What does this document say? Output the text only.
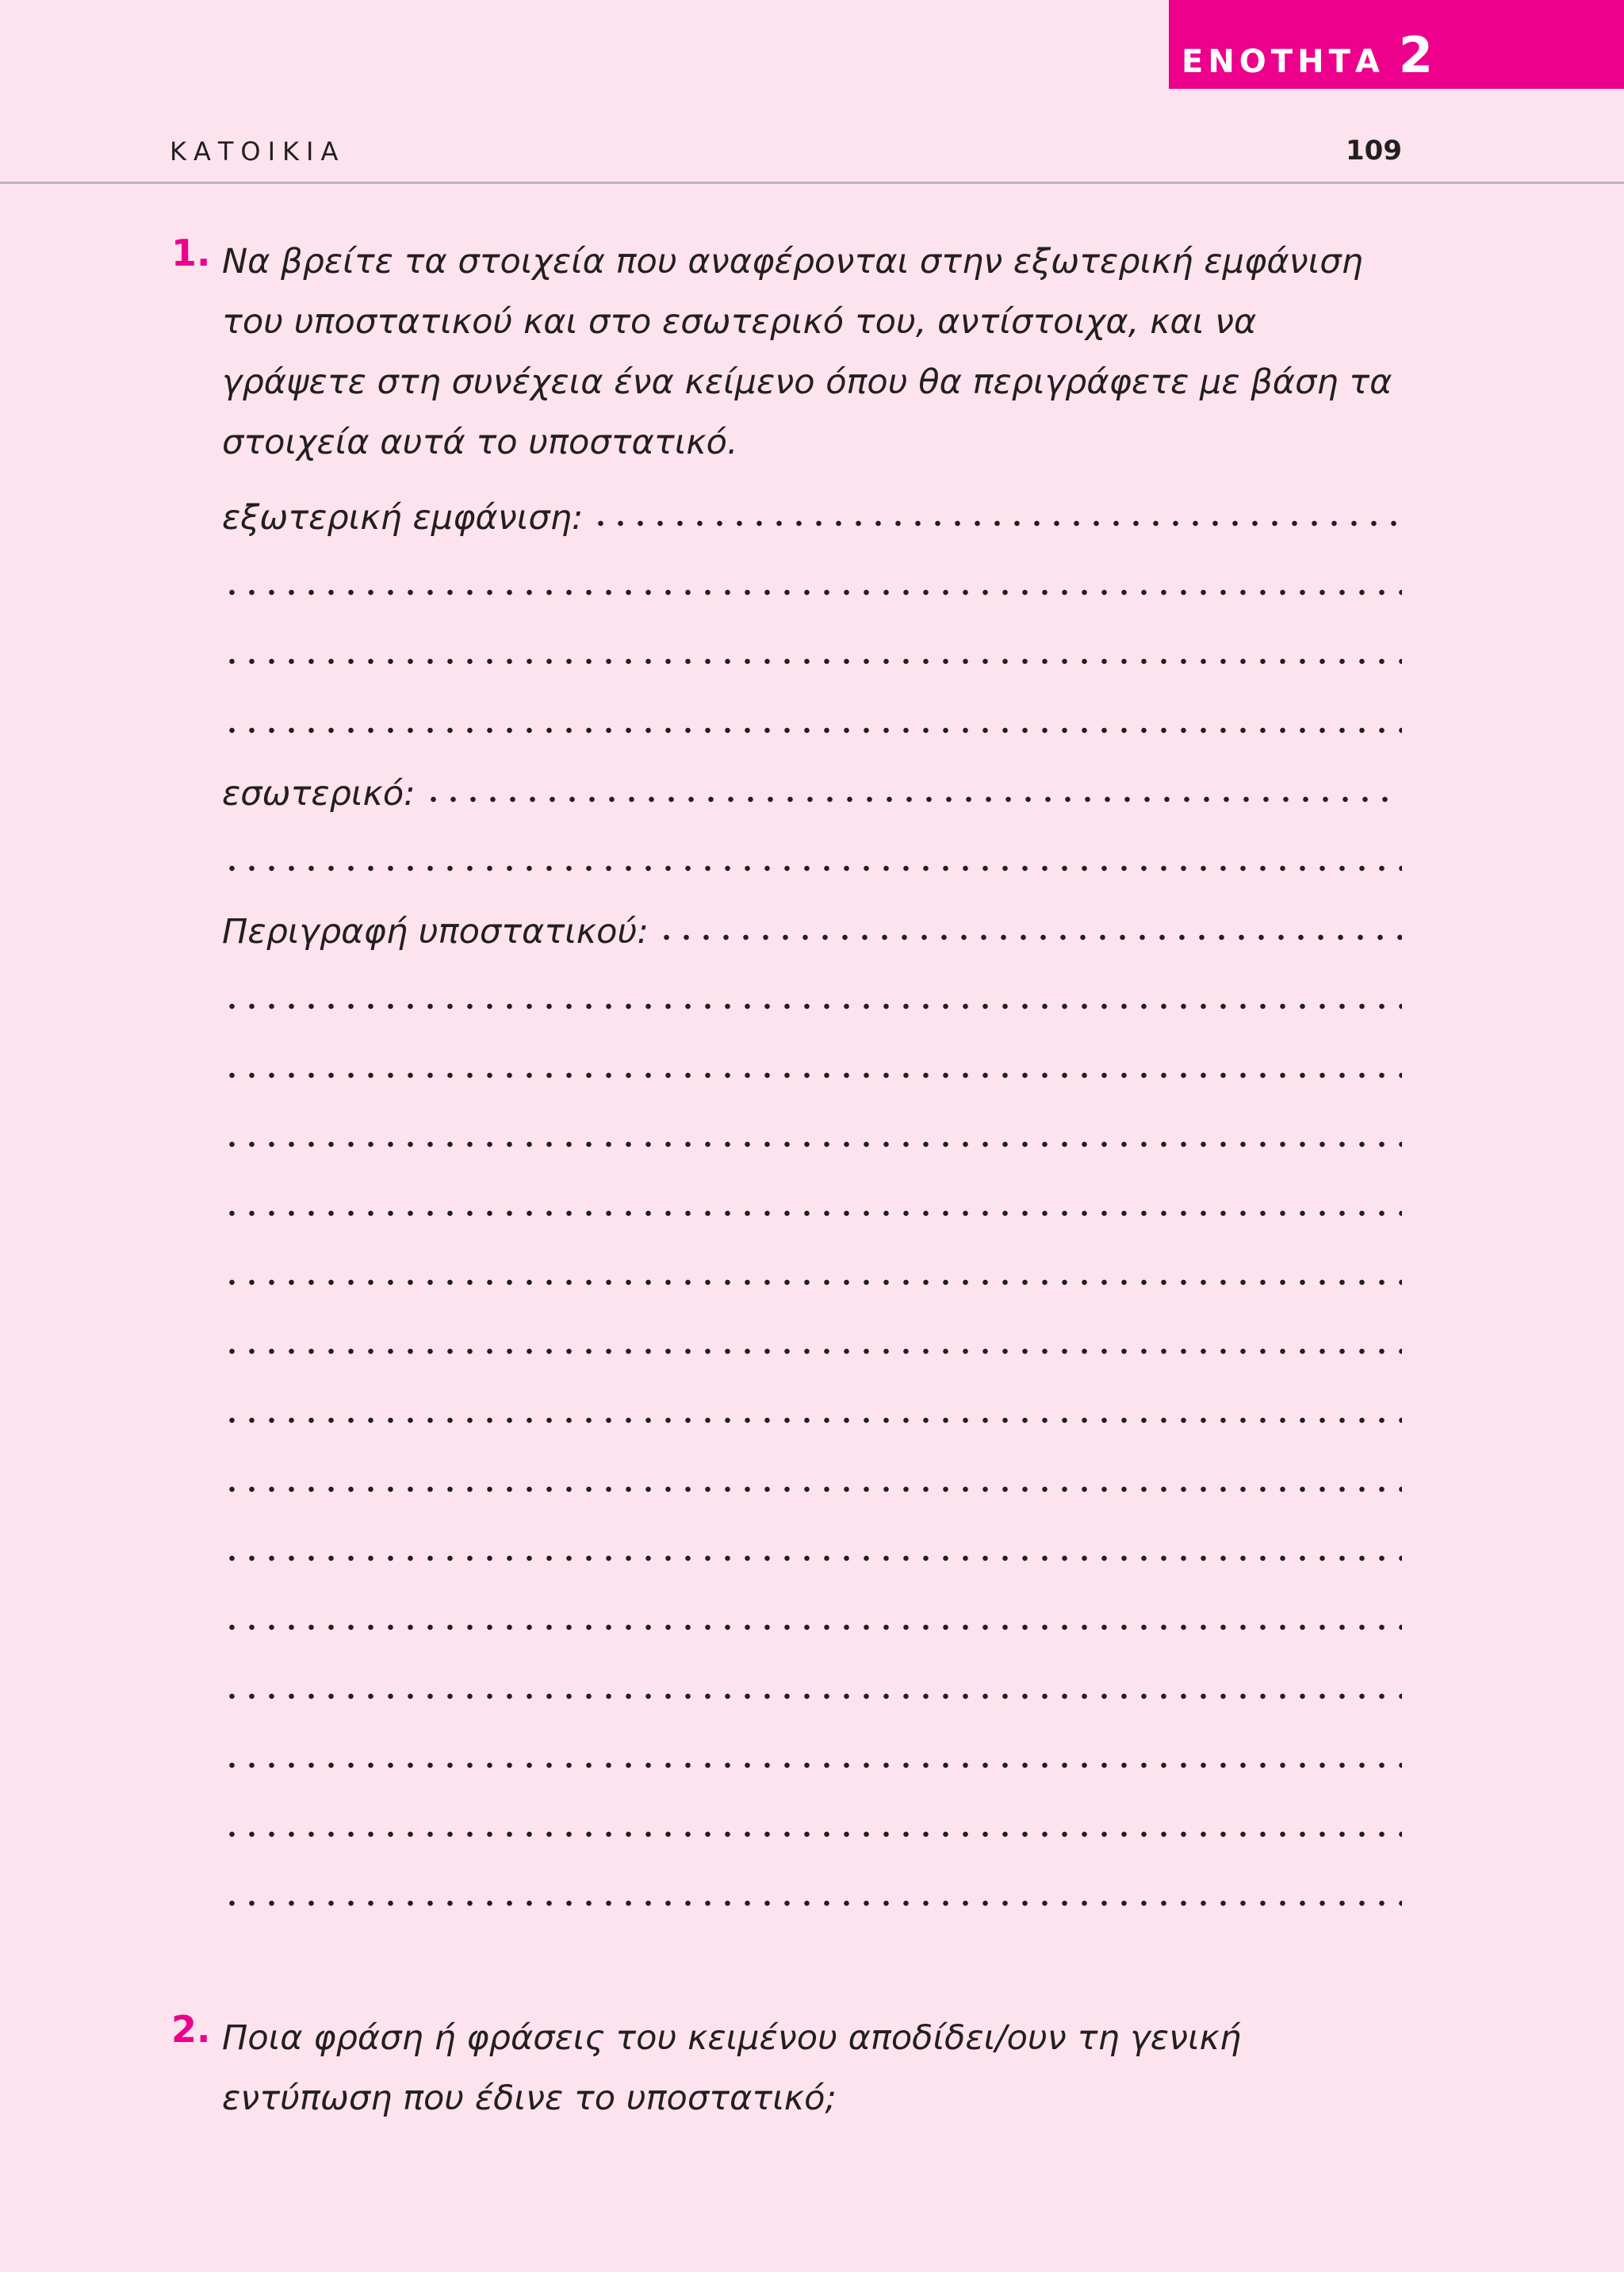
ΕΝΟΤΗΤΑ 2
ΚΑΤΟΙΚΙΑ	109
1. Να βρείτε τα στοιχεία που αναφέρονται στην εξωτερική εμφάνιση του υποστατικού και στο εσωτερικό του, αντίστοιχα, και να γράψετε στη συνέχεια ένα κείμενο όπου θα περιγράφετε με βάση τα στοιχεία αυτά το υποστατικό.
εξωτερική εμφάνιση:
εσωτερικό:
Περιγραφή υποστατικού:
2. Ποια φράση ή φράσεις του κειμένου αποδίδει/ουν τη γενική εντύπωση που έδινε το υποστατικό;
